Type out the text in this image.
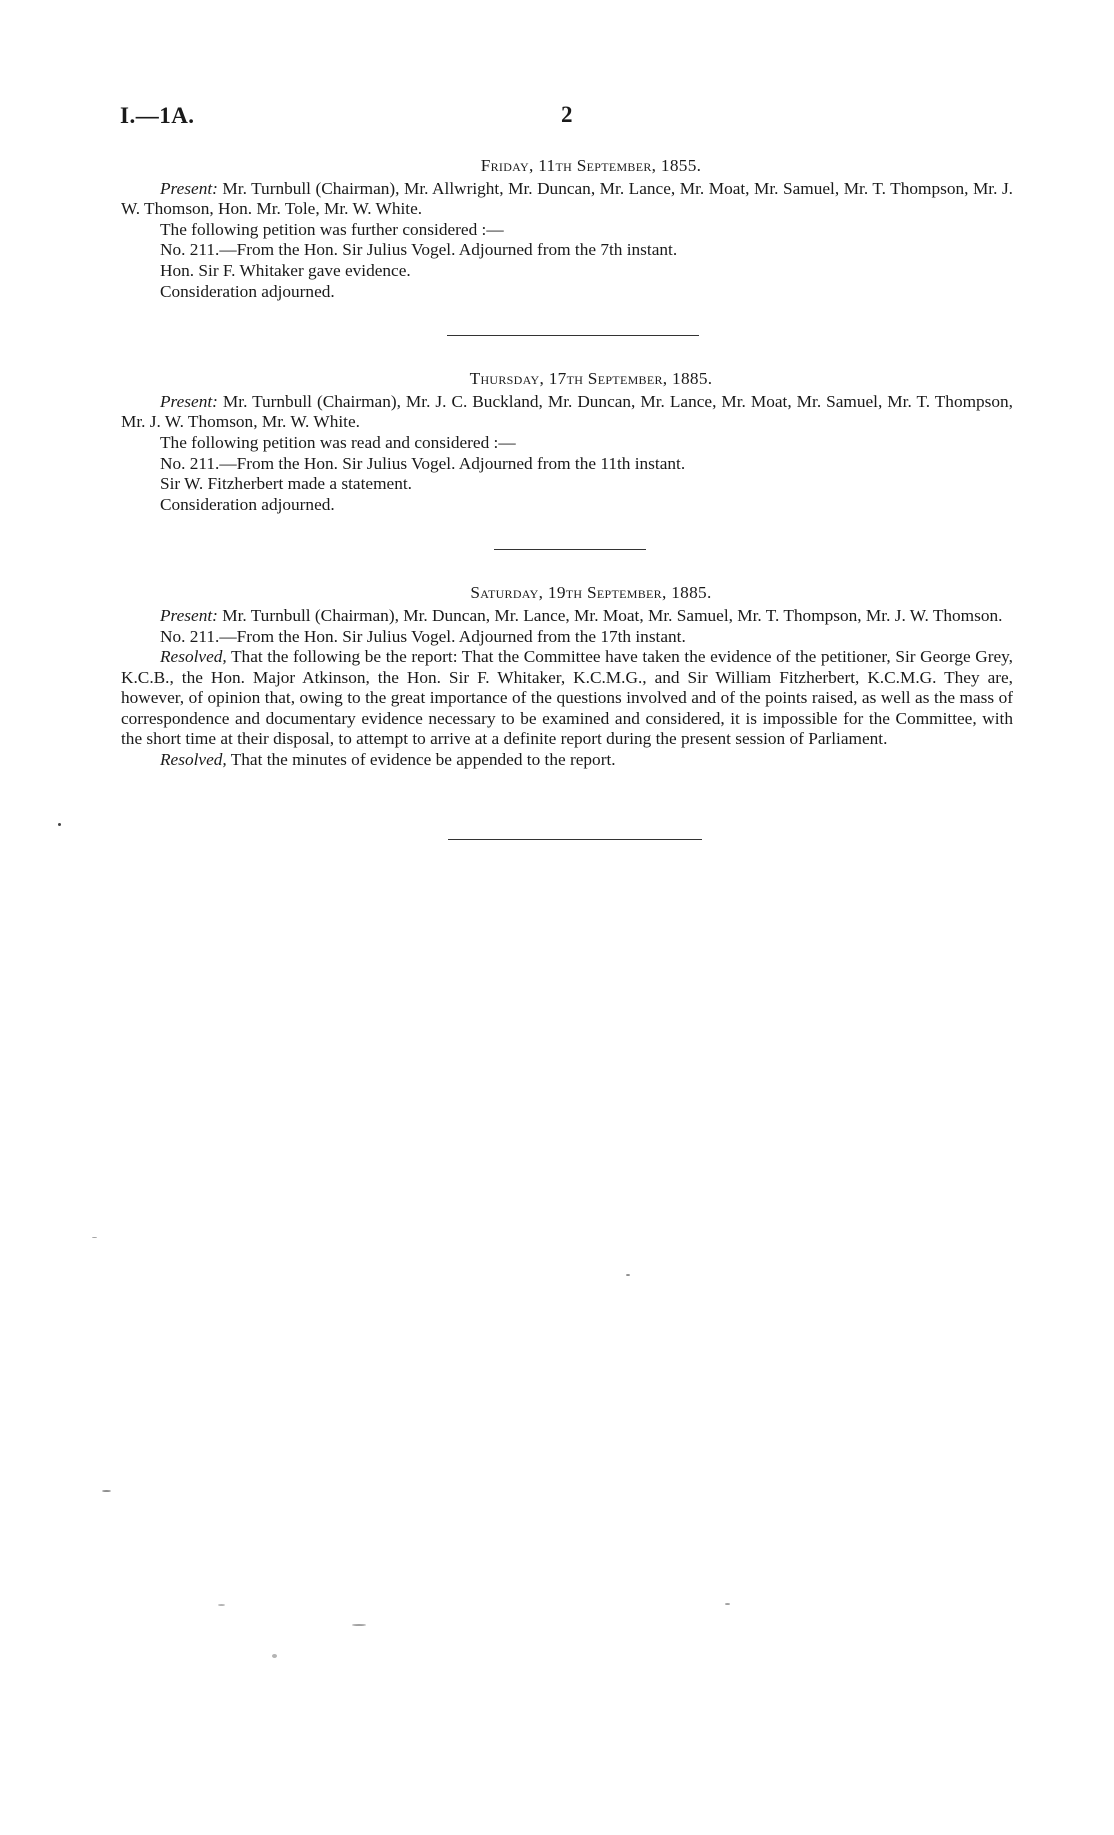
I.—1A.	2
Friday, 11th September, 1855.

Present: Mr. Turnbull (Chairman), Mr. Allwright, Mr. Duncan, Mr. Lance, Mr. Moat, Mr. Samuel, Mr. T. Thompson, Mr. J. W. Thomson, Hon. Mr. Tole, Mr. W. White.

The following petition was further considered :—

No. 211.—From the Hon. Sir Julius Vogel. Adjourned from the 7th instant.

Hon. Sir F. Whitaker gave evidence.

Consideration adjourned.

Thursday, 17th September, 1885.

Present: Mr. Turnbull (Chairman), Mr. J. C. Buckland, Mr. Duncan, Mr. Lance, Mr. Moat, Mr. Samuel, Mr. T. Thompson, Mr. J. W. Thomson, Mr. W. White.

The following petition was read and considered :—

No. 211.—From the Hon. Sir Julius Vogel. Adjourned from the 11th instant.

Sir W. Fitzherbert made a statement.

Consideration adjourned.

Saturday, 19th September, 1885.

Present: Mr. Turnbull (Chairman), Mr. Duncan, Mr. Lance, Mr. Moat, Mr. Samuel, Mr. T. Thompson, Mr. J. W. Thomson.

No. 211.—From the Hon. Sir Julius Vogel. Adjourned from the 17th instant.

Resolved, That the following be the report: That the Committee have taken the evidence of the petitioner, Sir George Grey, K.C.B., the Hon. Major Atkinson, the Hon. Sir F. Whitaker, K.C.M.G., and Sir William Fitzherbert, K.C.M.G. They are, however, of opinion that, owing to the great importance of the questions involved and of the points raised, as well as the mass of correspondence and documentary evidence necessary to be examined and considered, it is impossible for the Committee, with the short time at their disposal, to attempt to arrive at a definite report during the present session of Parliament.

Resolved, That the minutes of evidence be appended to the report.
